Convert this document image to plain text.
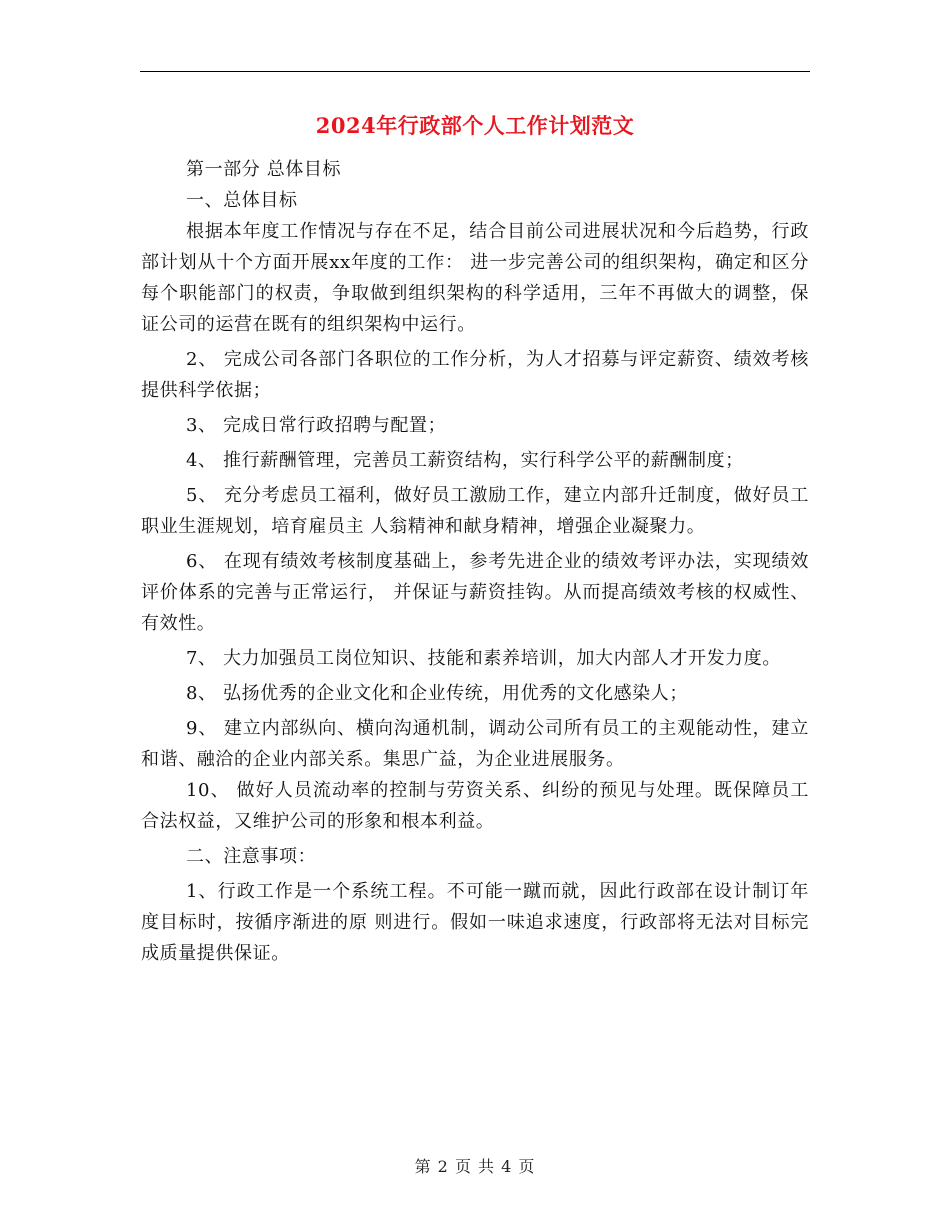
2024年行政部个人工作计划范文

第一部分 总体目标

一、总体目标

根据本年度工作情况与存在不足，结合目前公司进展状况和今后趋势，行政部计划从十个方面开展xx年度的工作： 进一步完善公司的组织架构，确定和区分每个职能部门的权责，争取做到组织架构的科学适用，三年不再做大的调整，保证公司的运营在既有的组织架构中运行。

2、 完成公司各部门各职位的工作分析，为人才招募与评定薪资、绩效考核提供科学依据；

3、 完成日常行政招聘与配置；

4、 推行薪酬管理，完善员工薪资结构，实行科学公平的薪酬制度；

5、 充分考虑员工福利，做好员工激励工作，建立内部升迁制度，做好员工职业生涯规划，培育雇员主 人翁精神和献身精神，增强企业凝聚力。

6、 在现有绩效考核制度基础上，参考先进企业的绩效考评办法，实现绩效评价体系的完善与正常运行， 并保证与薪资挂钩。从而提高绩效考核的权威性、有效性。

7、 大力加强员工岗位知识、技能和素养培训，加大内部人才开发力度。

8、 弘扬优秀的企业文化和企业传统，用优秀的文化感染人；

9、 建立内部纵向、横向沟通机制，调动公司所有员工的主观能动性，建立和谐、融洽的企业内部关系。集思广益，为企业进展服务。

10、 做好人员流动率的控制与劳资关系、纠纷的预见与处理。既保障员工合法权益，又维护公司的形象和根本利益。

二、注意事项：

1、行政工作是一个系统工程。不可能一蹴而就，因此行政部在设计制订年度目标时，按循序渐进的原 则进行。假如一味追求速度，行政部将无法对目标完成质量提供保证。

第 2 页 共 4 页
